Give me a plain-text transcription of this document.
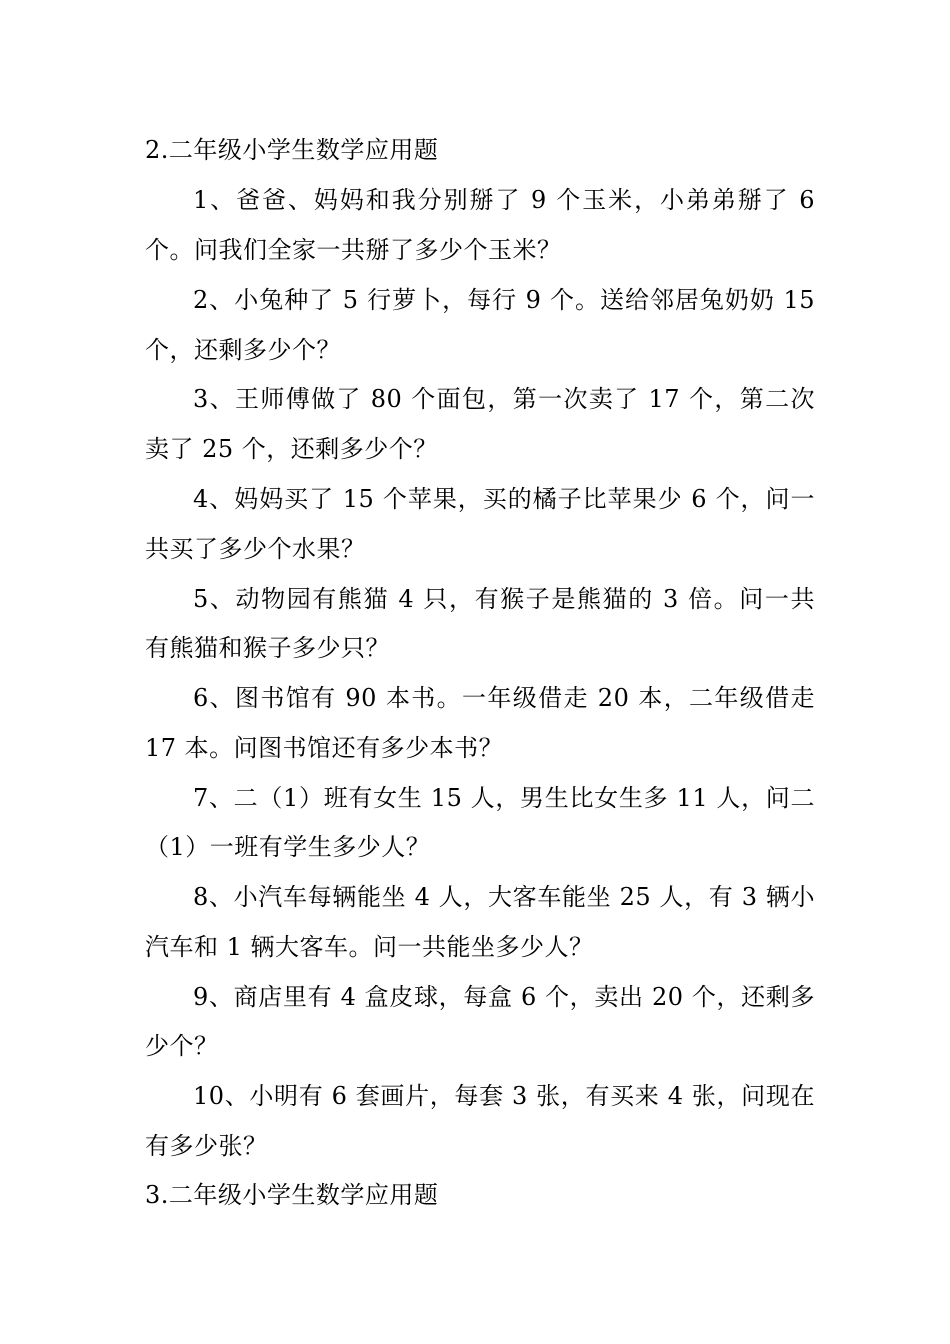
2.二年级小学生数学应用题
1、爸爸、妈妈和我分别掰了 9 个玉米，小弟弟掰了 6
个。问我们全家一共掰了多少个玉米？
2、小兔种了 5 行萝卜，每行 9 个。送给邻居兔奶奶 15
个，还剩多少个？
3、王师傅做了 80 个面包，第一次卖了 17 个，第二次
卖了 25 个，还剩多少个？
4、妈妈买了 15 个苹果，买的橘子比苹果少 6 个，问一
共买了多少个水果？
5、动物园有熊猫 4 只，有猴子是熊猫的 3 倍。问一共
有熊猫和猴子多少只？
6、图书馆有 90 本书。一年级借走 20 本，二年级借走
17 本。问图书馆还有多少本书？
7、二（1）班有女生 15 人，男生比女生多 11 人，问二
（1）一班有学生多少人？
8、小汽车每辆能坐 4 人，大客车能坐 25 人，有 3 辆小
汽车和 1 辆大客车。问一共能坐多少人？
9、商店里有 4 盒皮球，每盒 6 个，卖出 20 个，还剩多
少个？
10、小明有 6 套画片，每套 3 张，有买来 4 张，问现在
有多少张？
3.二年级小学生数学应用题
